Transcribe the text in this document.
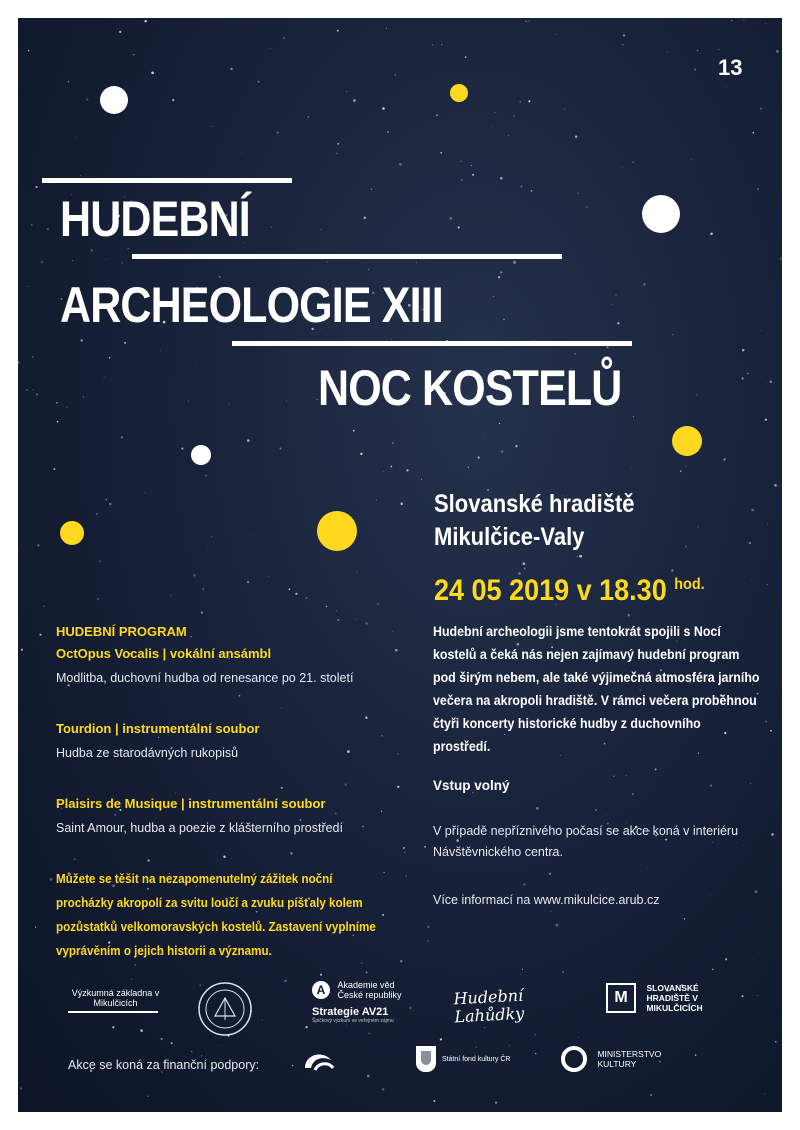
13
HUDEBNÍ
ARCHEOLOGIE XIII
NOC KOSTELŮ
Slovanské hradiště
Mikulčice-Valy
24 05 2019 v 18.30 $^{hod.}$
Hudební archeologii jsme tentokrát spojili s Nocí kostelů a čeká nás nejen zajímavý hudební program pod širým nebem, ale také výjimečná atmosféra jarního večera na akropoli hradiště. V rámci večera proběhnou čtyři koncerty historické hudby z duchovního prostředí.
Vstup volný
V případě nepříznivého počasí se akce koná v interiéru Návštěvnického centra.
Více informací na www.mikulcice.arub.cz
HUDEBNÍ PROGRAM
OctOpus Vocalis | vokální ansámbl
Modlitba, duchovní hudba od renesance po 21. století
Tourdion | instrumentální soubor
Hudba ze starodávných rukopisů
Plaisirs de Musique | instrumentální soubor
Saint Amour, hudba a poezie z klášterního prostředí
Můžete se těšit na nezapomenutelný zážitek noční procházky akropolí za svitu loučí a zvuku píšťaly kolem pozůstatků velkomoravských kostelů. Zastavení vyplníme vyprávěním o jejich historii a významu.
Výzkumná základna v Mikulčicích
A Akademie věd České republiky
Strategie AV21
Špičkový výzkum ve veřejném zájmu
Hudební Lahůdky
M SLOVANSKÉ HRADIŠTĚ V MIKULČICÍCH
Akce se koná za finanční podpory:	Státní fond kultury ČR	MINISTERSTVO KULTURY
